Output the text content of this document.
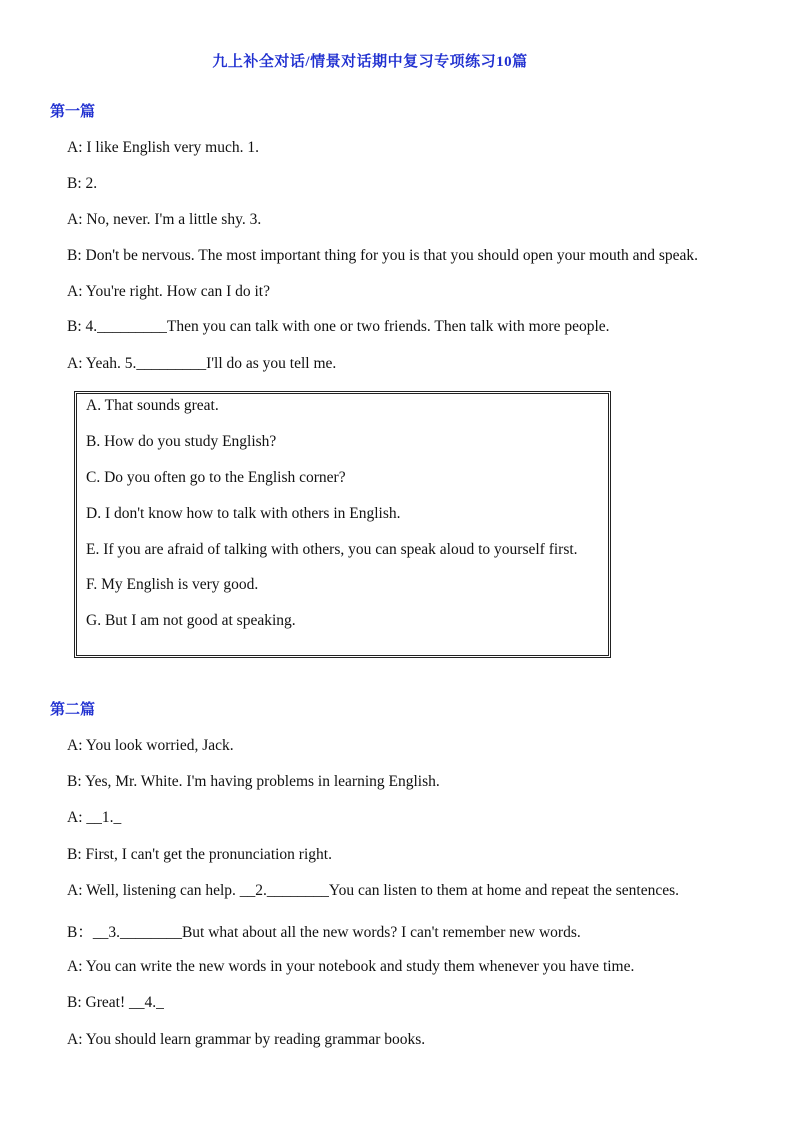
九上补全对话/情景对话期中复习专项练习10篇
第一篇
A: I like English very much. 1.
B: 2.
A: No, never. I'm a little shy. 3.
B: Don't be nervous. The most important thing for you is that you should open your mouth and speak.
A: You're right. How can I do it?
B: 4._________Then you can talk with one or two friends. Then talk with more people.
A: Yeah. 5._________I'll do as you tell me.
A. That sounds great.
B. How do you study English?
C. Do you often go to the English corner?
D. I don't know how to talk with others in English.
E. If you are afraid of talking with others, you can speak aloud to yourself first.
F. My English is very good.
G. But I am not good at speaking.
第二篇
A: You look worried, Jack.
B: Yes, Mr. White. I'm having problems in learning English.
A: __1._
B: First, I can't get the pronunciation right.
A: Well, listening can help. __2.________You can listen to them at home and repeat the sentences.
B：__3.________But what about all the new words? I can't remember new words.
A: You can write the new words in your notebook and study them whenever you have time.
B: Great! __4._
A: You should learn grammar by reading grammar books.
